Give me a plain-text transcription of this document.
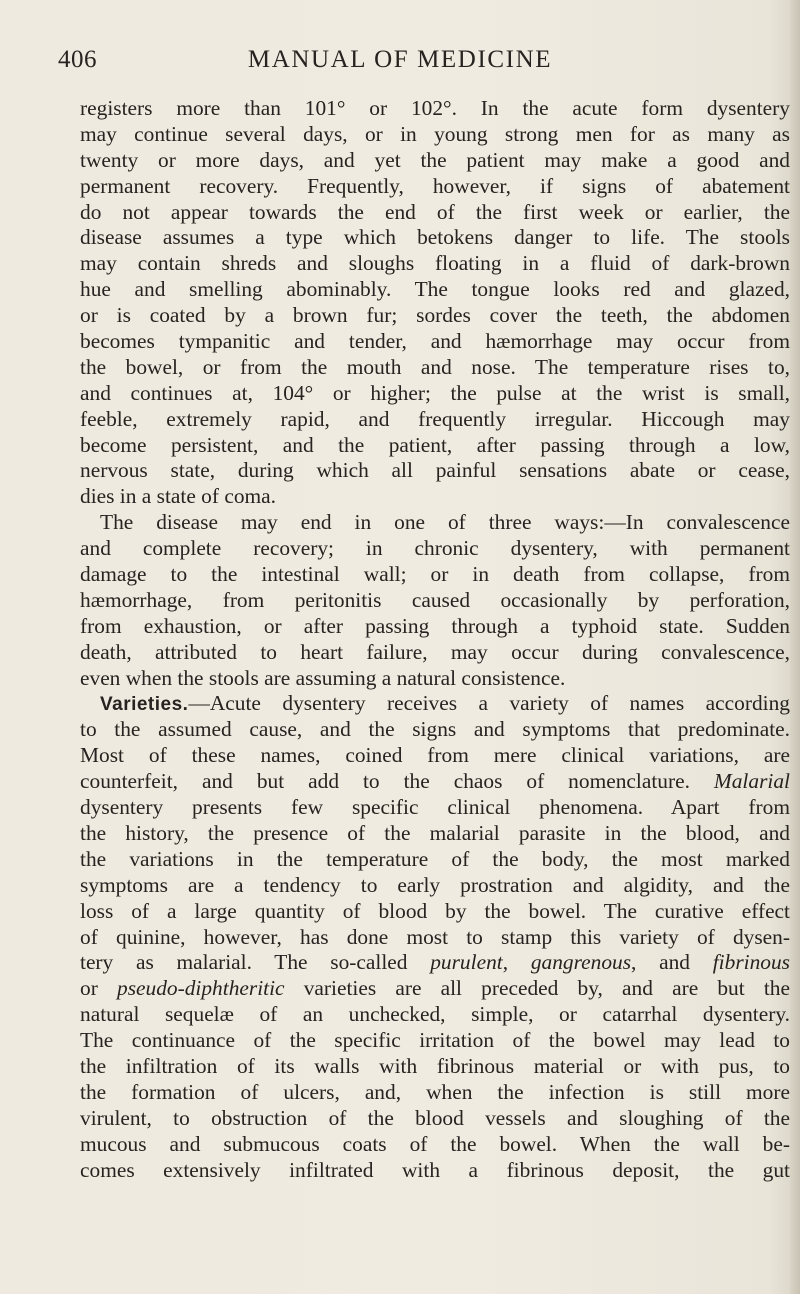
MANUAL OF MEDICINE
406
registers more than 101° or 102°. In the acute form dysentery
may continue several days, or in young strong men for as many as
twenty or more days, and yet the patient may make a good and
permanent recovery. Frequently, however, if signs of abatement
do not appear towards the end of the first week or earlier, the
disease assumes a type which betokens danger to life. The stools
may contain shreds and sloughs floating in a fluid of dark-brown
hue and smelling abominably. The tongue looks red and glazed,
or is coated by a brown fur; sordes cover the teeth, the abdomen
becomes tympanitic and tender, and hæmorrhage may occur from
the bowel, or from the mouth and nose. The temperature rises to,
and continues at, 104° or higher; the pulse at the wrist is small,
feeble, extremely rapid, and frequently irregular. Hiccough may
become persistent, and the patient, after passing through a low,
nervous state, during which all painful sensations abate or cease,
dies in a state of coma.
The disease may end in one of three ways:—In convalescence
and complete recovery; in chronic dysentery, with permanent
damage to the intestinal wall; or in death from collapse, from
hæmorrhage, from peritonitis caused occasionally by perforation,
from exhaustion, or after passing through a typhoid state. Sudden
death, attributed to heart failure, may occur during convalescence,
even when the stools are assuming a natural consistence.
Varieties.—Acute dysentery receives a variety of names according
to the assumed cause, and the signs and symptoms that predominate.
Most of these names, coined from mere clinical variations, are
counterfeit, and but add to the chaos of nomenclature. Malarial
dysentery presents few specific clinical phenomena. Apart from
the history, the presence of the malarial parasite in the blood, and
the variations in the temperature of the body, the most marked
symptoms are a tendency to early prostration and algidity, and the
loss of a large quantity of blood by the bowel. The curative effect
of quinine, however, has done most to stamp this variety of dysen-
tery as malarial. The so-called purulent, gangrenous, and fibrinous
or pseudo-diphtheritic varieties are all preceded by, and are but the
natural sequelæ of an unchecked, simple, or catarrhal dysentery.
The continuance of the specific irritation of the bowel may lead to
the infiltration of its walls with fibrinous material or with pus, to
the formation of ulcers, and, when the infection is still more
virulent, to obstruction of the blood vessels and sloughing of the
mucous and submucous coats of the bowel. When the wall be-
comes extensively infiltrated with a fibrinous deposit, the gut
